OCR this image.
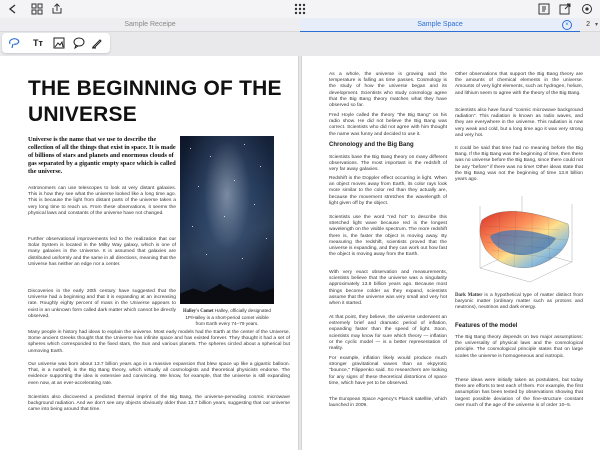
Sample Receipe	Sample Space	×	2 ▾
Tт
THE BEGINNING OF THE UNIVERSE
Universe is the name that we use to describe the collection of all the things that exist in space. It is made of billions of stars and planets and enormous clouds of gas separated by a gigantic empty space which is called the universe.
Astronomers can use telescopes to look at very distant galaxies. This is how they see what the universe looked like a long time ago. This is because the light from distant parts of the universe takes a very long time to reach us. From these observations, it seems the physical laws and constants of the universe have not changed.
Further observational improvements led to the realization that our Solar System is located in the Milky Way galaxy, which is one of many galaxies in the Universe. It is assumed that galaxies are distributed uniformly and the same in all directions, meaning that the Universe has neither an edge nor a center.
Discoveries in the early 20th century have suggested that the Universe had a beginning and that it is expanding at an increasing rate. Roughly eighty percent of mass in the Universe appears to exist in an unknown form called dark matter which cannot be directly observed.
Halley's Comet Halley, officially designated 1P/Halley is a short-period comet visible from Earth every 74–79 years.
Many people in history had ideas to explain the universe. Most early models had the Earth at the center of the Universe. Some ancient Greeks thought that the Universe has infinite space and has existed forever. They thought it had a set of spheres which corresponded to the fixed stars, the Sun and various planets. The spheres circled about a spherical but unmoving Earth.
Our universe was born about 13.7 billion years ago in a massive expansion that blew space up like a gigantic balloon. That, in a nutshell, is the Big Bang theory, which virtually all cosmologists and theoretical physicists endorse. The evidence supporting the idea is extensive and convincing. We know, for example, that the universe is still expanding even now, at an ever-accelerating rate.
Scientists also discovered a predicted thermal imprint of the Big Bang, the universe-pervading cosmic microwave background radiation. And we don't see any objects obviously older than 13.7 billion years, suggesting that our universe came into being around that time.
As a whole, the universe is growing and the temperature is falling as time passes. Cosmology is the study of how the universe began and its development. Scientists who study cosmology agree that the Big Bang theory matches what they have observed so far.
Fred Hoyle called the theory "the Big Bang" on his radio show. He did not believe the Big Bang was correct. Scientists who did not agree with him thought the name was funny and decided to use it.
Chronology and the Big Bang
Scientists base the Big Bang theory on many different observations. The most important is the redshift of very far away galaxies.
Redshift is the Doppler effect occurring in light. When an object moves away from Earth, its color rays look more similar to the color red than they actually are, because the movement stretches the wavelength of light given off by the object.
Scientists use the word "red hot" to describe this stretched light wave because red is the longest wavelength on the visible spectrum. The more redshift there is, the faster the object is moving away. By measuring the redshift, scientists proved that the universe is expanding, and they can work out how fast the object is moving away from the Earth.
With very exact observation and measurements, scientists believe that the universe was a singularity approximately 13.8 billion years ago. Because most things become colder as they expand, scientists assume that the universe was very small and very hot when it started.
At that point, they believe, the universe underwent an extremely brief and dramatic period of inflation, expanding faster than the speed of light. Soon, scientists may know for sure which theory — inflation or the cyclic model — is a better representation of reality.
For example, inflation likely would produce much stronger gravitational waves than an ekpyrotic "bounce," Filippenko said. So researchers are looking for any signs of these theoretical distortions of space time, which have yet to be observed.
The European Space Agency's Planck satellite, which launched in 2009.
Other observations that support the Big Bang theory are the amounts of chemical elements in the universe. Amounts of very light elements, such as hydrogen, helium, and lithium seem to agree with the theory of the Big Bang.
Scientists also have found "cosmic microwave background radiation". This radiation is known as radio waves, and they are everywhere in the universe. This radiation is now very weak and cold, but a long time ago it was very strong and very hot.
It could be said that time had no meaning before the Big Bang. If the Big Bang was the beginning of time, then there was no universe before the Big Bang, since there could not be any "before" if there was no time! Other ideas state that the Big Bang was not the beginning of time 13.8 billion years ago.
Dark Matter is a hypothetical type of matter distinct from baryonic matter (ordinary matter such as protons and neutrons), neutrinos and dark energy.
Features of the model
The Big Bang theory depends on two major assumptions: the universality of physical laws and the cosmological principle. The cosmological principle states that on large scales the universe is homogeneous and isotropic.
These ideas were initially taken as postulates, but today there are efforts to test each of them. For example, the first assumption has been tested by observations showing that largest possible deviation of the fine-structure constant over much of the age of the universe is of order 10−5.
